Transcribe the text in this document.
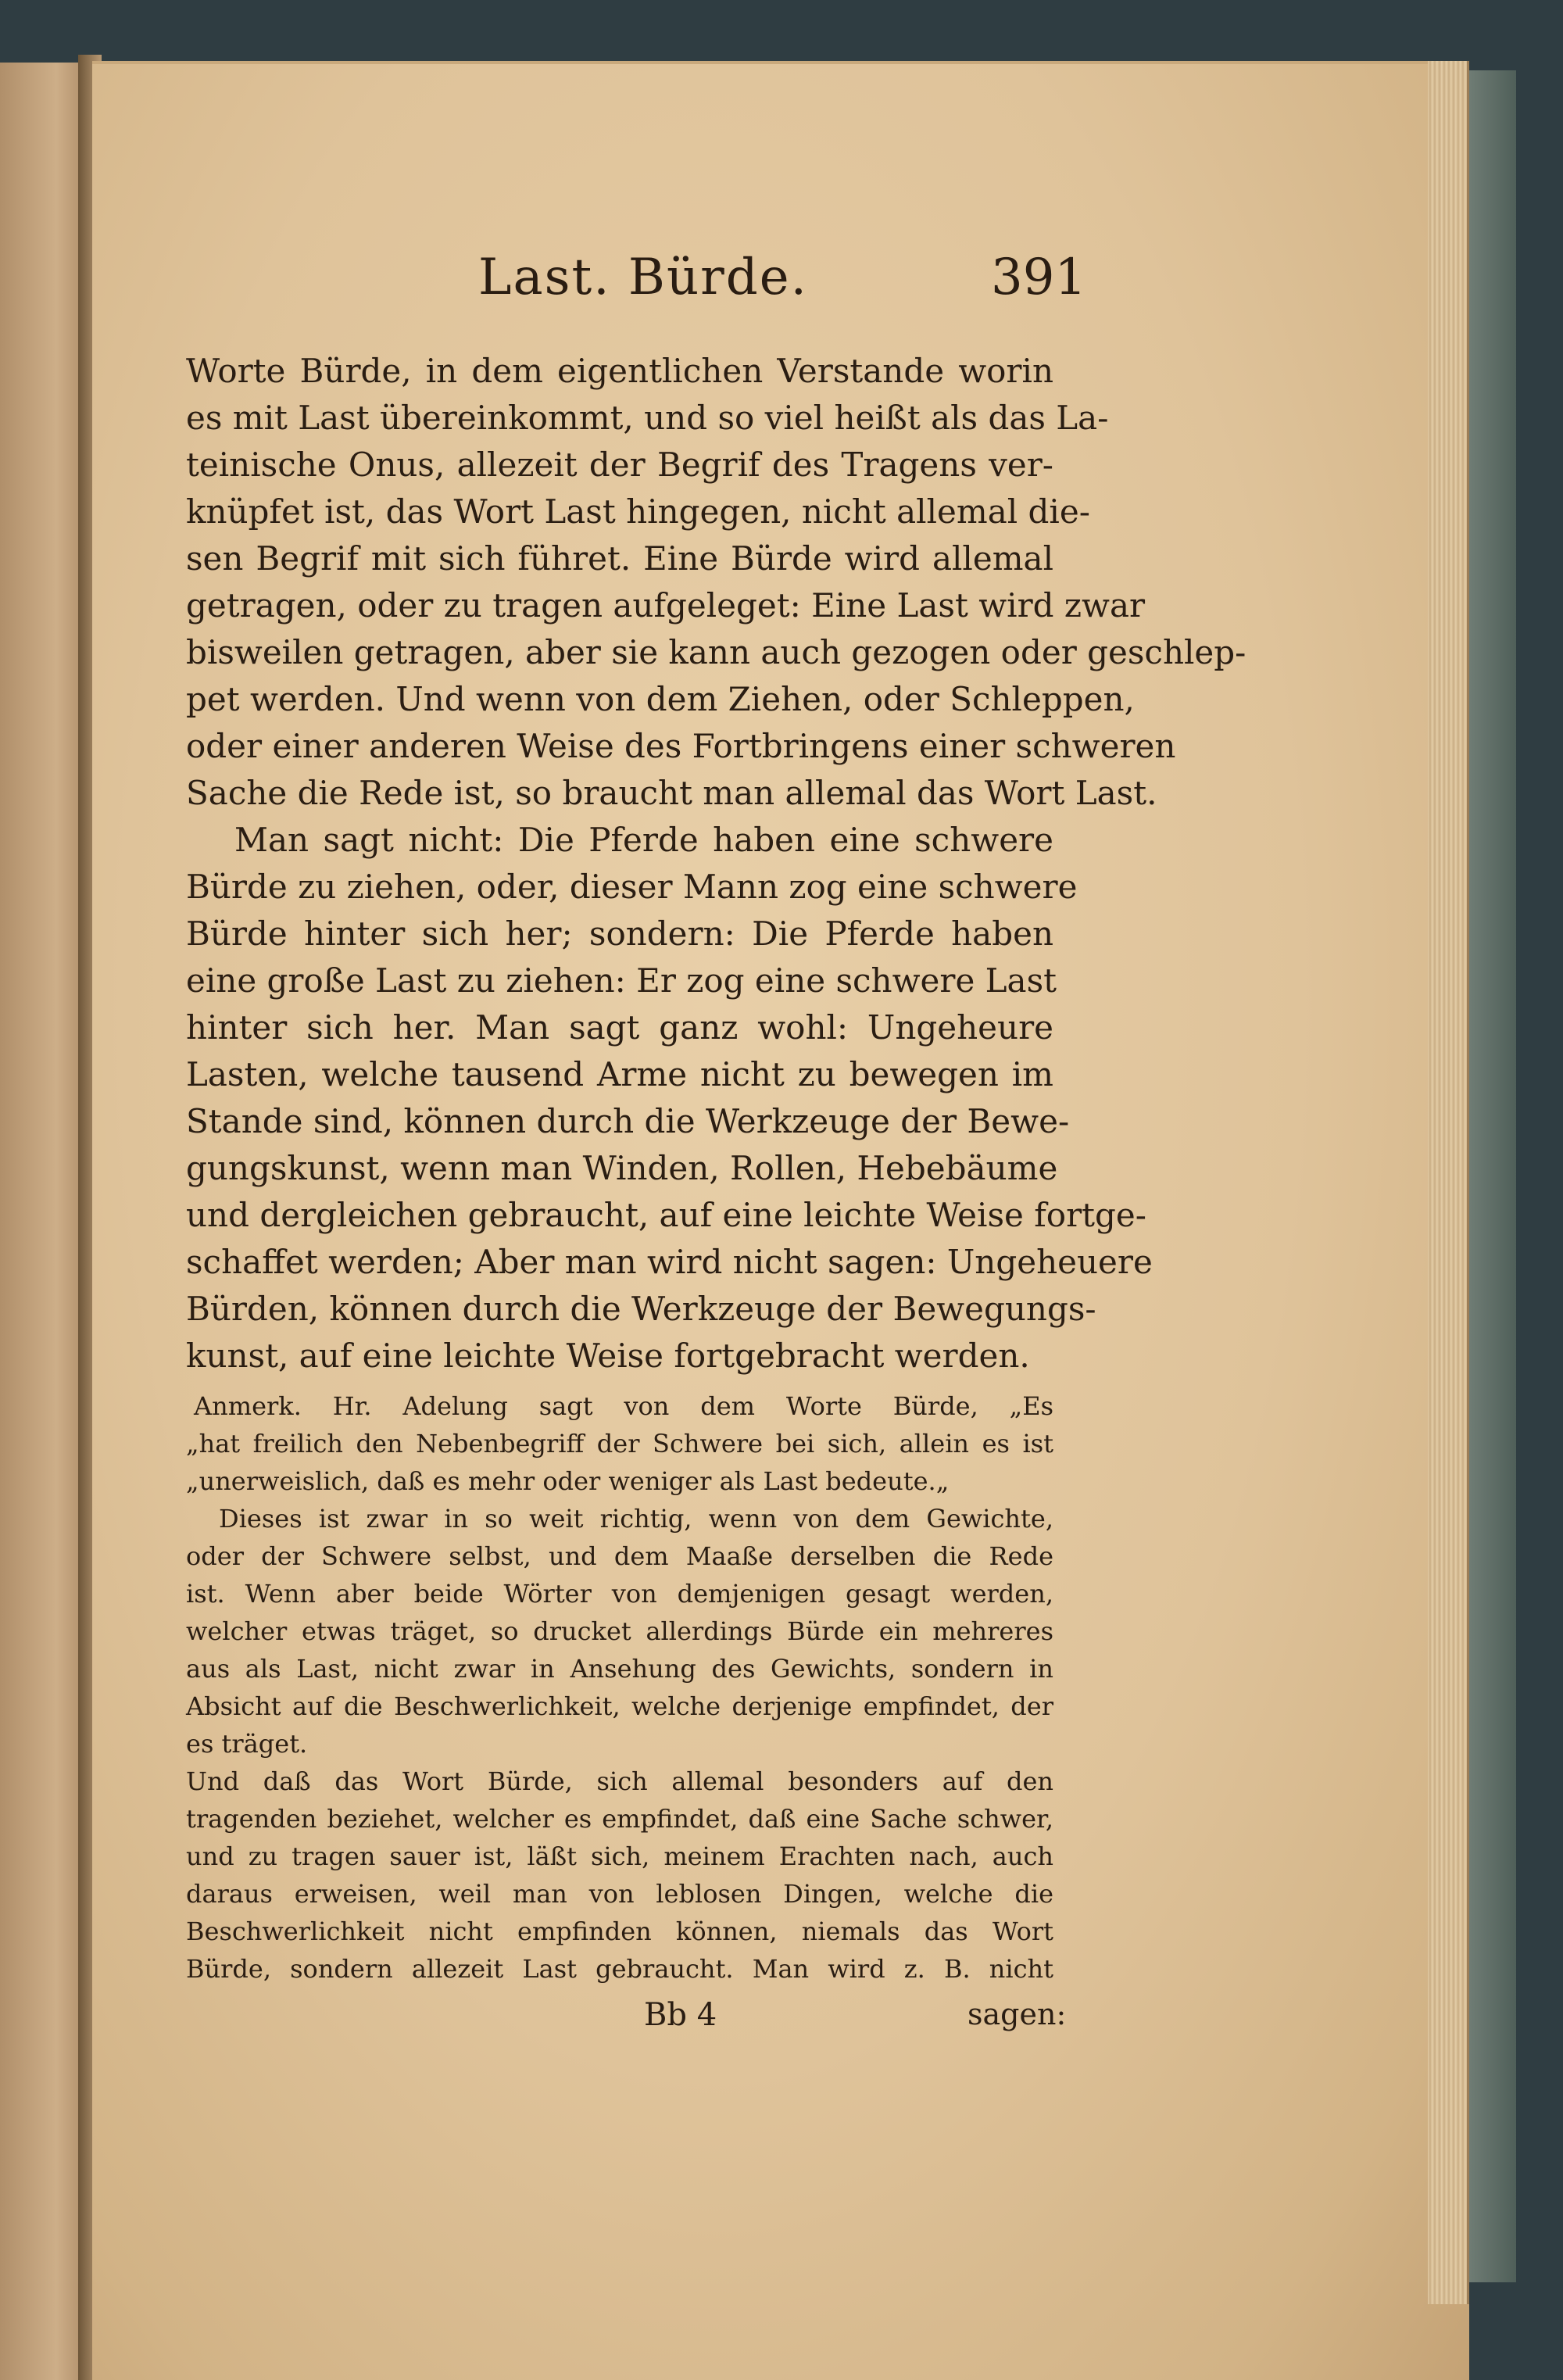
Last. Bürde.	391
Worte Bürde, in dem eigentlichen Verstande worin
es mit Last übereinkommt, und so viel heißt als das La-
teinische Onus, allezeit der Begrif des Tragens ver-
knüpfet ist, das Wort Last hingegen, nicht allemal die-
sen Begrif mit sich führet. Eine Bürde wird allemal
getragen, oder zu tragen aufgeleget: Eine Last wird zwar
bisweilen getragen, aber sie kann auch gezogen oder geschlep-
pet werden. Und wenn von dem Ziehen, oder Schleppen,
oder einer anderen Weise des Fortbringens einer schweren
Sache die Rede ist, so braucht man allemal das Wort Last.
Man sagt nicht: Die Pferde haben eine schwere
Bürde zu ziehen, oder, dieser Mann zog eine schwere
Bürde hinter sich her; sondern: Die Pferde haben
eine große Last zu ziehen: Er zog eine schwere Last
hinter sich her. Man sagt ganz wohl: Ungeheure
Lasten, welche tausend Arme nicht zu bewegen im
Stande sind, können durch die Werkzeuge der Bewe-
gungskunst, wenn man Winden, Rollen, Hebebäume
und dergleichen gebraucht, auf eine leichte Weise fortge-
schaffet werden; Aber man wird nicht sagen: Ungeheuere
Bürden, können durch die Werkzeuge der Bewegungs-
kunst, auf eine leichte Weise fortgebracht werden.
Anmerk. Hr. Adelung sagt von dem Worte Bürde, „Es
„hat freilich den Nebenbegriff der Schwere bei sich, allein es ist
„unerweislich, daß es mehr oder weniger als Last bedeute.„
Dieses ist zwar in so weit richtig, wenn von dem Gewichte,
oder der Schwere selbst, und dem Maaße derselben die Rede
ist. Wenn aber beide Wörter von demjenigen gesagt werden,
welcher etwas träget, so drucket allerdings Bürde ein mehreres
aus als Last, nicht zwar in Ansehung des Gewichts, sondern in
Absicht auf die Beschwerlichkeit, welche derjenige empfindet, der
es träget.
Und daß das Wort Bürde, sich allemal besonders auf den
tragenden beziehet, welcher es empfindet, daß eine Sache schwer,
und zu tragen sauer ist, läßt sich, meinem Erachten nach, auch
daraus erweisen, weil man von leblosen Dingen, welche die
Beschwerlichkeit nicht empfinden können, niemals das Wort
Bürde, sondern allezeit Last gebraucht. Man wird z. B. nicht
Bb 4	sagen:
